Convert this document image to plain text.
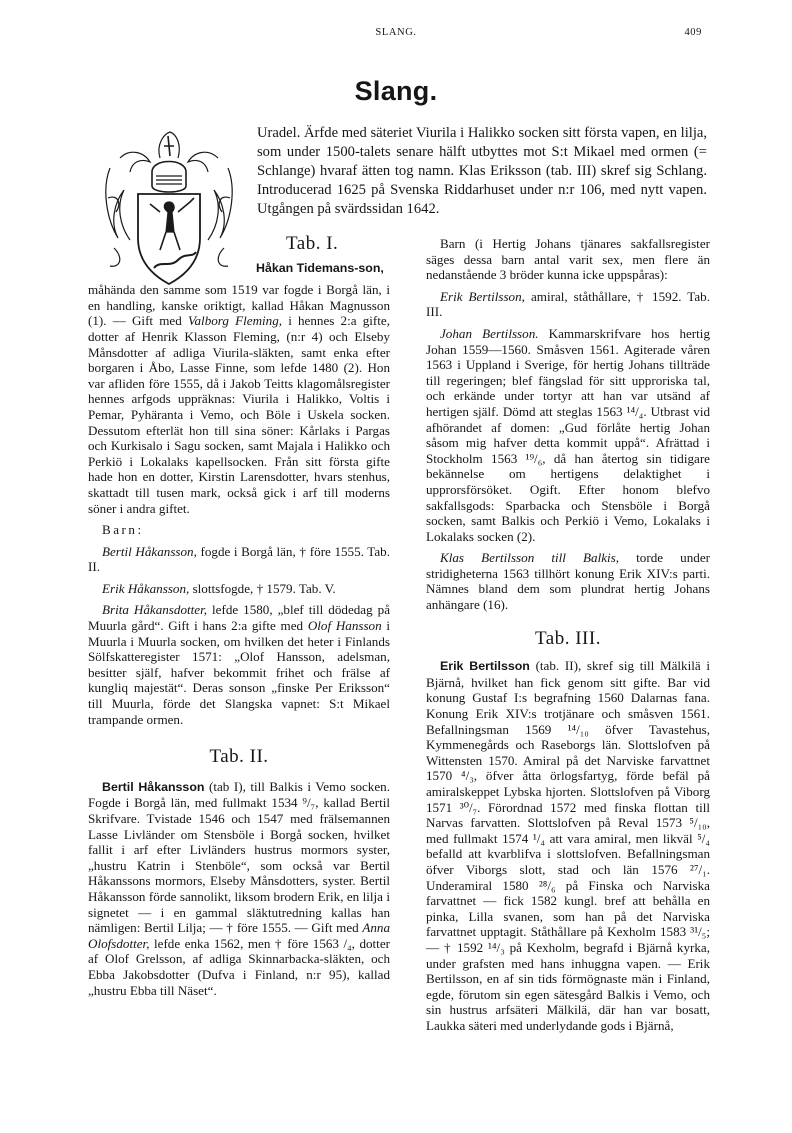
SLANG.	409
Slang.

Uradel. Ärfde med säteriet Viurila i Halikko socken sitt första vapen, en lilja, som under 1500-talets senare hälft utbyttes mot S:t Mikael med ormen (= Schlange) hvaraf ätten tog namn. Klas Eriksson (tab. III) skref sig Schlang. Introducerad 1625 på Svenska Riddarhuset under n:r 106, med nytt vapen. Utgången på svärdssidan 1642.

Tab. I.

Håkan Tidemans-son,

måhända den samme som 1519 var fogde i Borgå län, i en handling, kanske oriktigt, kallad Håkan Magnusson (1). — Gift med Valborg Fleming, i hennes 2:a gifte, dotter af Henrik Klasson Fleming, (n:r 4) och Elseby Månsdotter af adliga Viurila-släkten, samt enka efter borgaren i Åbo, Lasse Finne, som lefde 1480 (2). Hon var afliden före 1555, då i Jakob Teitts klagomålsregister hennes arfgods uppräknas: Viurila i Halikko, Voltis i Pemar, Pyhäranta i Vemo, och Böle i Uskela socken. Dessutom efterlät hon till sina söner: Kårlaks i Pargas och Kurkisalo i Sagu socken, samt Majala i Halikko och Perkiö i Lokalaks kapellsocken. Från sitt första gifte hade hon en dotter, Kirstin Larensdotter, hvars stenhus, skattadt till tusen mark, också gick i arf till moderns söner i andra giftet.

Barn:

Bertil Håkansson, fogde i Borgå län, † före 1555. Tab. II.

Erik Håkansson, slottsfogde, † 1579. Tab. V.

Brita Håkansdotter, lefde 1580, „blef till dödedag på Muurla gård“. Gift i hans 2:a gifte med Olof Hansson i Muurla i Muurla socken, om hvilken det heter i Finlands Sölfskatteregister 1571: „Olof Hansson, adelsman, besitter själf, hafver bekommit frihet och frälse af kungliq majestät“. Deras sonson „finske Per Eriksson“ till Muurla, förde det Slangska vapnet: S:t Mikael trampande ormen.

Tab. II.

Bertil Håkansson (tab I), till Balkis i Vemo socken. Fogde i Borgå län, med fullmakt 1534 ⁹/₇, kallad Bertil Skrifvare. Tvistade 1546 och 1547 med frälsemannen Lasse Livländer om Stensböle i Borgå socken, hvilket fallit i arf efter Livländers hustrus mormors syster, „hustru Katrin i Stenböle“, som också var Bertil Håkanssons mormors, Elseby Månsdotters, syster. Bertil Håkansson förde sannolikt, liksom brodern Erik, en lilja i signetet — i en gammal släktutredning kallas han nämligen: Bertil Lilja; — † före 1555. — Gift med Anna Olofsdotter, lefde enka 1562, men † före 1563 /₄, dotter af Olof Grelsson, af adliga Skinnarbacka-släkten, och Ebba Jakobsdotter (Dufva i Finland, n:r 95), kallad „hustru Ebba till Näset“.

Barn (i Hertig Johans tjänares sakfallsregister säges dessa barn antal varit sex, men flere än nedanstående 3 bröder kunna icke uppspåras):

Erik Bertilsson, amiral, ståthållare, † 1592. Tab. III.

Johan Bertilsson. Kammarskrifvare hos hertig Johan 1559—1560. Småsven 1561. Agiterade våren 1563 i Uppland i Sverige, för hertig Johans tillträde till regeringen; blef fängslad för sitt upproriska tal, och erkände under tortyr att han var utsänd af hertigen själf. Dömd att steglas 1563 ¹⁴/₄. Utbrast vid afhörandet af domen: „Gud förlåte hertig Johan såsom mig hafver detta kommit uppå“. Afrättad i Stockholm 1563 ¹⁹/₆, då han återtog sin tidigare bekännelse om hertigens delaktighet i upprorsförsöket. Ogift. Efter honom blefvo sakfallsgods: Sparbacka och Stensböle i Borgå socken, samt Balkis och Perkiö i Vemo, Lokalaks i Lokalaks socken (2).

Klas Bertilsson till Balkis, torde under stridigheterna 1563 tillhört konung Erik XIV:s parti. Nämnes bland dem som plundrat hertig Johans anhängare (16).

Tab. III.

Erik Bertilsson (tab. II), skref sig till Mälkilä i Bjärnå, hvilket han fick genom sitt gifte. Bar vid konung Gustaf I:s begrafning 1560 Dalarnas fana. Konung Erik XIV:s trotjänare och småsven 1561. Befallningsman 1569 ¹⁴/₁₀ öfver Tavastehus, Kymmenegårds och Raseborgs län. Slottslofven på Wittensten 1570. Amiral på det Narviske farvattnet 1570 ⁴/₃, öfver åtta örlogsfartyg, förde befäl på amiralskeppet Lybska hjorten. Slottslofven på Viborg 1571 ³⁰/₇. Förordnad 1572 med finska flottan till Narvas farvatten. Slottslofven på Reval 1573 ⁵/₁₀, med fullmakt 1574 ¹/₄ att vara amiral, men likväl ⁵/₄ befalld att kvarblifva i slottslofven. Befallningsman öfver Viborgs slott, stad och län 1576 ²⁷/₁. Underamiral 1580 ²⁸/₆ på Finska och Narviska farvattnet — fick 1582 kungl. bref att behålla en pinka, Lilla svanen, som han på det Narviska farvattnet upptagit. Ståthållare på Kexholm 1583 ³¹/₅; — † 1592 ¹⁴/₃ på Kexholm, begrafd i Bjärnå kyrka, under grafsten med hans inhuggna vapen. — Erik Bertilsson, en af sin tids förmögnaste män i Finland, egde, förutom sin egen sätesgård Balkis i Vemo, och sin hustrus arfsäteri Mälkilä, där han var bosatt, Laukka säteri med underlydande gods i Bjärnå,
